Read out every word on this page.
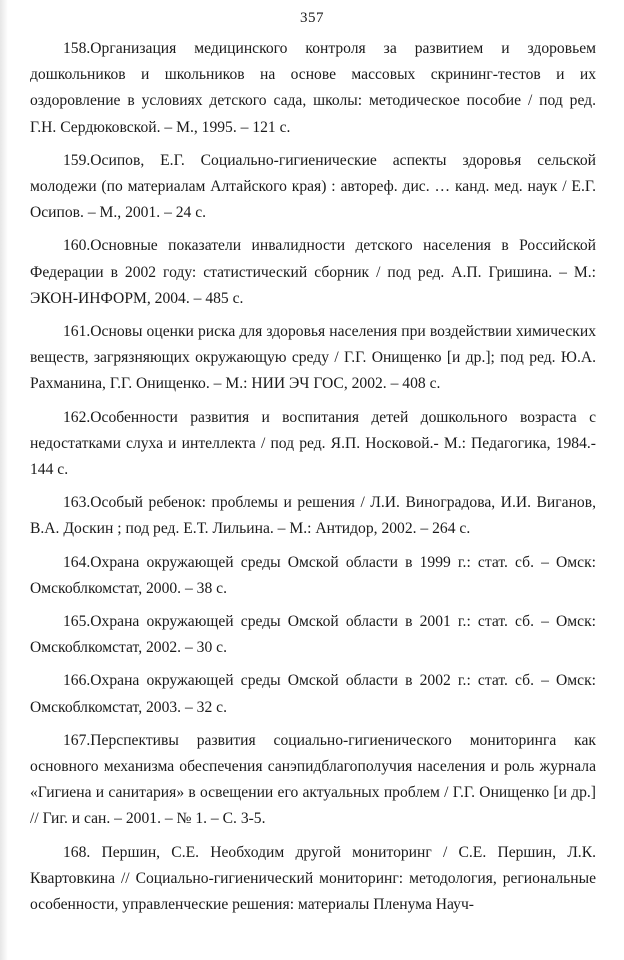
357

158.Организация медицинского контроля за развитием и здоровьем дошкольников и школьников на основе массовых скрининг-тестов и их оздоровление в условиях детского сада, школы: методическое пособие / под ред. Г.Н. Сердюковской. – М., 1995. – 121 с.

159.Осипов, Е.Г. Социально-гигиенические аспекты здоровья сельской молодежи (по материалам Алтайского края) : автореф. дис. … канд. мед. наук / Е.Г. Осипов. – М., 2001. – 24 с.

160.Основные показатели инвалидности детского населения в Российской Федерации в 2002 году: статистический сборник / под ред. А.П. Гришина. – М.: ЭКОН-ИНФОРМ, 2004. – 485 с.

161.Основы оценки риска для здоровья населения при воздействии химических веществ, загрязняющих окружающую среду / Г.Г. Онищенко [и др.]; под ред. Ю.А. Рахманина, Г.Г. Онищенко. – М.: НИИ ЭЧ ГОС, 2002. – 408 с.

162.Особенности развития и воспитания детей дошкольного возраста с недостатками слуха и интеллекта / под ред. Я.П. Носковой.- М.: Педагогика, 1984.- 144 с.

163.Особый ребенок: проблемы и решения / Л.И. Виноградова, И.И. Виганов, В.А. Доскин ; под ред. Е.Т. Лильина. – М.: Антидор, 2002. – 264 с.

164.Охрана окружающей среды Омской области в 1999 г.: стат. сб. – Омск: Омскоблкомстат, 2000. – 38 с.

165.Охрана окружающей среды Омской области в 2001 г.: стат. сб. – Омск: Омскоблкомстат, 2002. – 30 с.

166.Охрана окружающей среды Омской области в 2002 г.: стат. сб. – Омск: Омскоблкомстат, 2003. – 32 с.

167.Перспективы развития социально-гигиенического мониторинга как основного механизма обеспечения санэпидблагополучия населения и роль журнала «Гигиена и санитария» в освещении его актуальных проблем / Г.Г. Онищенко [и др.] // Гиг. и сан. – 2001. – № 1. – С. 3-5.

168. Першин, С.Е. Необходим другой мониторинг / С.Е. Першин, Л.К. Квартовкина // Социально-гигиенический мониторинг: методология, региональные особенности, управленческие решения: материалы Пленума Науч-
